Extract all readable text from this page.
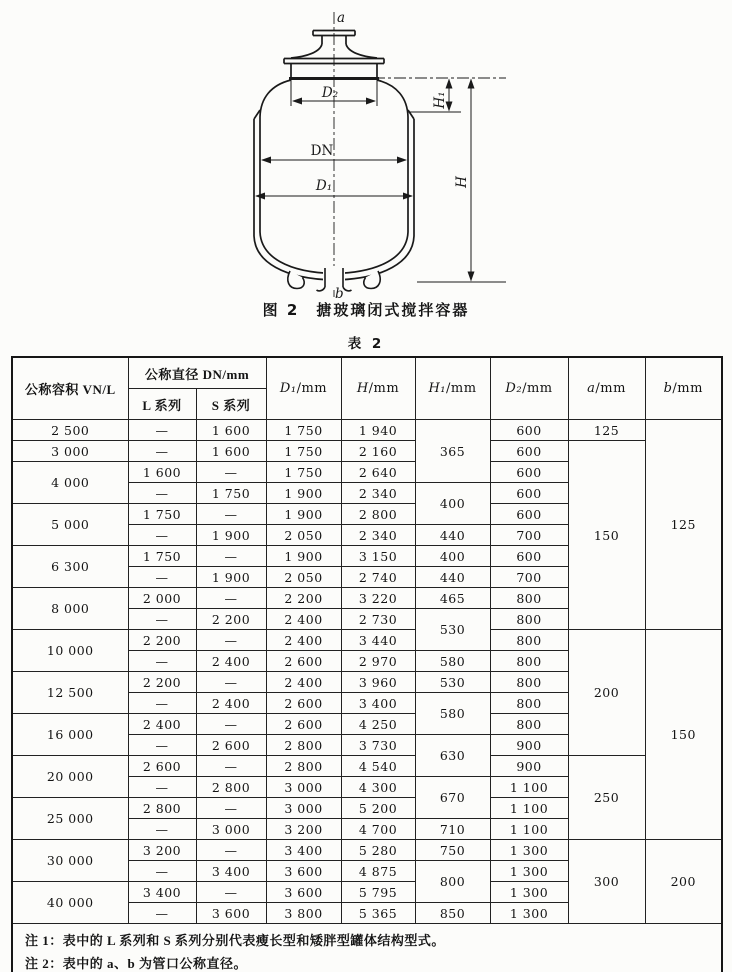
a
D₂
DN
D₁
H₁
H
b
图 2　搪玻璃闭式搅拌容器
表 2
公称容积 VN/L	公称直径 DN/mm		D₁/mm	H/mm	H₁/mm	D₂/mm	a/mm	b/mm
	L 系列	S 系列						
2 500	—	1 600	1 750	1 940	365	600	125	125
3 000	—	1 600	1 750	2 160		600	150	
4 000	1 600	—	1 750	2 640		600		
	—	1 750	1 900	2 340	400	600		
5 000	1 750	—	1 900	2 800		600		
	—	1 900	2 050	2 340	440	700		
6 300	1 750	—	1 900	3 150	400	600		
	—	1 900	2 050	2 740	440	700		
8 000	2 000	—	2 200	3 220	465	800		
	—	2 200	2 400	2 730	530	800		
10 000	2 200	—	2 400	3 440		800	200	150
	—	2 400	2 600	2 970	580	800		
12 500	2 200	—	2 400	3 960	530	800		
	—	2 400	2 600	3 400	580	800		
16 000	2 400	—	2 600	4 250		800		
	—	2 600	2 800	3 730	630	900		
20 000	2 600	—	2 800	4 540		900	250	
	—	2 800	3 000	4 300	670	1 100		
25 000	2 800	—	3 000	5 200		1 100		
	—	3 000	3 200	4 700	710	1 100		
30 000	3 200	—	3 400	5 280	750	1 300	300	200
	—	3 400	3 600	4 875	800	1 300		
40 000	3 400	—	3 600	5 795		1 300		
	—	3 600	3 800	5 365	850	1 300		

注 1：表中的 L 系列和 S 系列分别代表瘦长型和矮胖型罐体结构型式。
注 2：表中的 a、b 为管口公称直径。								
